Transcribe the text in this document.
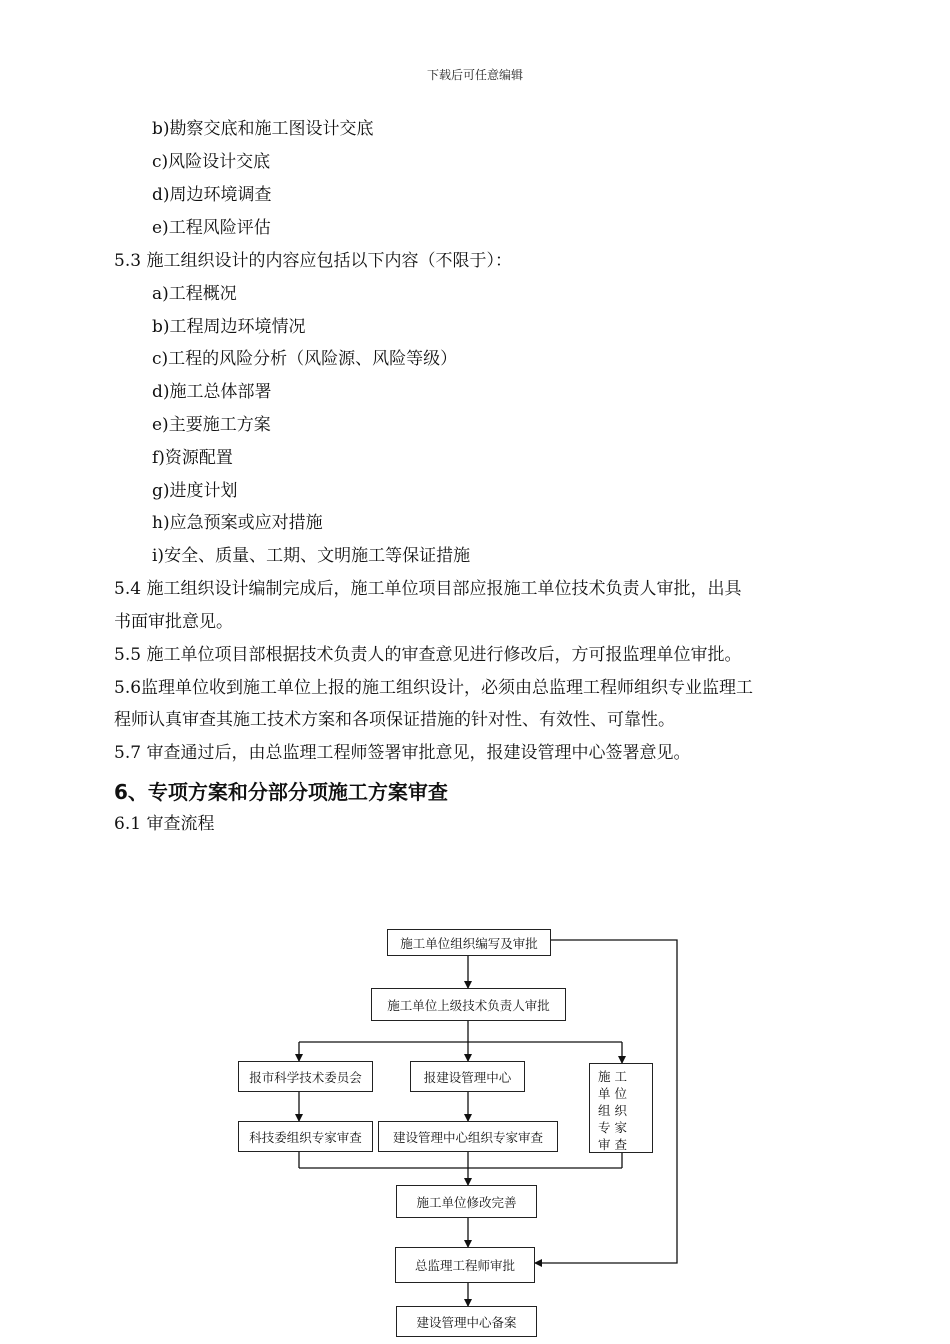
下载后可任意编辑
b)勘察交底和施工图设计交底
c)风险设计交底
d)周边环境调查
e)工程风险评估
5.3 施工组织设计的内容应包括以下内容（不限于）：
a)工程概况
b)工程周边环境情况
c)工程的风险分析（风险源、风险等级）
d)施工总体部署
e)主要施工方案
f)资源配置
g)进度计划
h)应急预案或应对措施
i)安全、质量、工期、文明施工等保证措施
5.4 施工组织设计编制完成后，施工单位项目部应报施工单位技术负责人审批，出具
书面审批意见。
5.5 施工单位项目部根据技术负责人的审查意见进行修改后，方可报监理单位审批。
5.6监理单位收到施工单位上报的施工组织设计，必须由总监理工程师组织专业监理工
程师认真审查其施工技术方案和各项保证措施的针对性、有效性、可靠性。
5.7 审查通过后，由总监理工程师签署审批意见，报建设管理中心签署意见。
6、专项方案和分部分项施工方案审查
6.1 审查流程
施工单位组织编写及审批
施工单位上级技术负责人审批
报市科学技术委员会	报建设管理中心	施工单位组织专家审查
科技委组织专家审查	建设管理中心组织专家审查
施工单位修改完善
总监理工程师审批
建设管理中心备案
